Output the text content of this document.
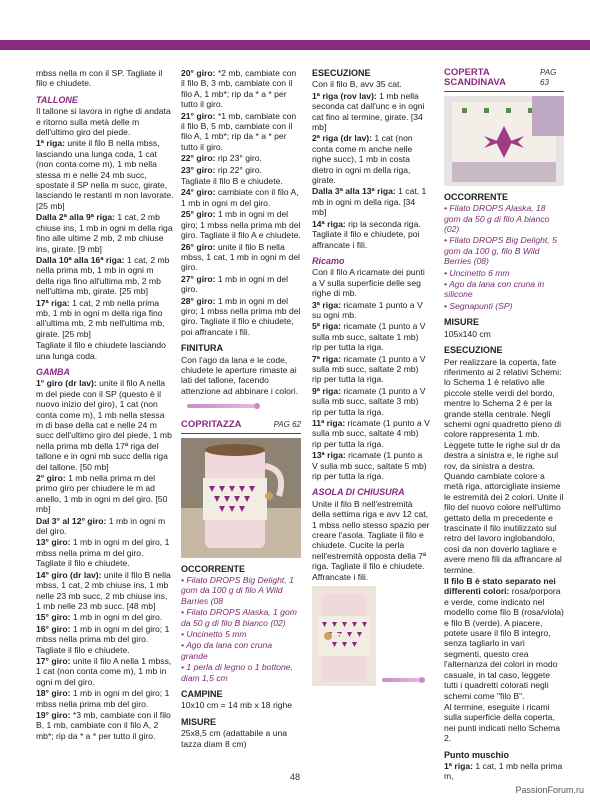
mbss nella m con il SP. Tagliate il filo e chiudete.

TALLONE

Il tallone si lavora in righe di andata e ritorno sulla metà delle m dell'ultimo giro del piede.

1ª riga: unite il filo B nella mbss, lasciando una lunga coda, 1 cat (non conta come m), 1 mb nella stessa m e nelle 24 mb succ, spostate il SP nella m succ, girate, lasciando le restanti m non lavorate. [25 mb]

Dalla 2ª alla 9ª riga: 1 cat, 2 mb chiuse ins, 1 mb in ogni m della riga fino alle ultime 2 mb, 2 mb chiuse ins, girate. [9 mb]

Dalla 10ª alla 16ª riga: 1 cat, 2 mb nella prima mb, 1 mb in ogni m della riga fino all'ultima mb, 2 mb nell'ultima mb, girate. [25 mb]

17ª riga: 1 cat, 2 mb nella prima mb, 1 mb in ogni m della riga fino all'ultima mb, 2 mb nell'ultima mb, girate. [25 mb]

Tagliate il filo e chiudete lasciando una lunga coda.

GAMBA

1° giro (dr lav): unite il filo A nella m del piede con il SP (questo è il nuovo inizio del giro), 1 cat (non conta come m), 1 mb nella stessa m di base della cat e nelle 24 m succ dell'ultimo giro del piede, 1 mb nella prima mb della 17ª riga del tallone e in ogni mb succ della riga del tallone. [50 mb]

2° giro: 1 mb nella prima m del primo giro per chiudere le m ad anello, 1 mb in ogni m del giro. [50 mb]

Dal 3° al 12° giro: 1 mb in ogni m del giro.

13° giro: 1 mb in ogni m del giro, 1 mbss nella prima m del giro. Tagliate il filo e chiudete.

14° giro (dr lav): unite il filo B nella mbss, 1 cat, 2 mb chiuse ins, 1 mb nelle 23 mb succ, 2 mb chiuse ins, 1 mb nelle 23 mb succ. [48 mb]

15° giro: 1 mb in ogni m del giro.

16° giro: 1 mb in ogni m del giro; 1 mbss nella prima mb del giro. Tagliate il filo e chiudete.

17° giro: unite il filo A nella 1 mbss, 1 cat (non conta come m), 1 mb in ogni m del giro.

18° giro: 1 mb in ogni m del giro; 1 mbss nella prima mb del giro.

19° giro: *3 mb, cambiate con il filo B, 1 mb, cambiate con il filo A, 2 mb*; rip da * a * per tutto il giro.

20° giro: *2 mb, cambiate con il filo B, 3 mb, cambiate con il filo A, 1 mb*; rip da * a * per tutto il giro.

21° giro: *1 mb, cambiate con il filo B, 5 mb, cambiate con il filo A, 1 mb*; rip da * a * per tutto il giro.

22° giro: rip 23° giro.

23° giro: rip 22° giro.

Tagliate il filo B e chiudete.

24° giro: cambiate con il filo A, 1 mb in ogni m del giro.

25° giro: 1 mb in ogni m del giro; 1 mbss nella prima mb del giro. Tagliate il filo A e chiudete.

26° giro: unite il filo B nella mbss, 1 cat, 1 mb in ogni m del giro.

27° giro: 1 mb in ogni m del giro.

28° giro: 1 mb in ogni m del giro; 1 mbss nella prima mb del giro. Tagliate il filo e chiudete, poi affrancate i fili.

FINITURA

Con l'ago da lana e le code, chiudete le aperture rimaste ai lati del tallone, facendo attenzione ad abbinare i colori.

COPRITAZZA	PAG 62
OCCORRENTE

• Filato DROPS Big Delight, 1 gom da 100 g di filo A Wild Barries (08

• Filato DROPS Alaska, 1 gom da 50 g di filo B bianco (02)

• Uncinetto 5 mm

• Ago da lana con cruna grande

• 1 perla di legno o 1 bottone, diam 1,5 cm

CAMPINE

10x10 cm = 14 mb x 18 righe

MISURE

25x8,5 cm (adattabile a una tazza diam 8 cm)

ESECUZIONE

Con il filo B, avv 35 cat.

1ª riga (rov lav): 1 mb nella seconda cat dall'unc e in ogni cat fino al termine, girate. [34 mb]

2ª riga (dr lav): 1 cat (non conta come m anche nelle righe succ), 1 mb in costa dietro in ogni m della riga, girate.

Dalla 3ª alla 13ª riga: 1 cat, 1 mb in ogni m della riga. [34 mb]

14ª riga: rip la seconda riga. Tagliate il filo e chiudete, poi affrancate i fili.

Ricamo

Con il filo A ricamate dei punti a V sulla superficie delle seg righe di mb.

3ª riga: ricamate 1 punto a V su ogni mb.

5ª riga: ricamate (1 punto a V sulla mb succ, saltate 1 mb) rip per tutta la riga.

7ª riga: ricamate (1 punto a V sulla mb succ, saltate 2 mb) rip per tutta la riga.

9ª riga: ricamate (1 punto a V sulla mb succ, saltate 3 mb) rip per tutta la riga.

11ª riga: ricamate (1 punto a V sulla mb succ, saltate 4 mb) rip per tutta la riga.

13ª riga: ricamate (1 punto a V sulla mb succ, saltate 5 mb) rip per tutta la riga.

ASOLA DI CHIUSURA

Unite il filo B nell'estremità della settima riga e avv 12 cat, 1 mbss nello stesso spazio per creare l'asola. Tagliate il filo e chiudete. Cucite la perla nell'estremità opposta della 7ª riga. Tagliate il filo e chiudete. Affrancate i fili.

COPERTA SCANDINAVA
PAG 63
OCCORRENTE

• Filato DROPS Alaska, 18 gom da 50 g di filo A bianco (02)

• Filato DROPS Big Delight, 5 gom da 100 g, filo B Wild Berries (08)

• Uncinetto 6 mm

• Ago da lana con cruna in silicone

• Segnapunti (SP)

MISURE

105x140 cm

ESECUZIONE

Per realizzare la coperta, fate riferimento ai 2 relativi Schemi: lo Schema 1 è relativo alle piccole stelle verdi del bordo, mentre lo Schema 2 è per la grande stella centrale. Negli schemi ogni quadretto pieno di colore rappresenta 1 mb. Leggete tutte le righe sul dr da destra a sinistra e, le righe sul rov, da sinistra a destra. Quando cambiate colore a metà riga, attorcigliate insieme le estremità dei 2 colori. Unite il filo del nuovo colore nell'ultimo gettato della m precedente e trascinate il filo inutilizzato sul retro del lavoro inglobandolo, così da non doverlo tagliare e avere meno fili da affrancare al termine.

Il filo B è stato separato nei differenti colori: rosa/porpora e verde, come indicato nel modello come filo B (rosa/viola) e filo B (verde). A piacere, potete usare il filo B integro, senza tagliarlo in vari segmenti, questo crea l'alternanza dei colori in modo casuale, in tal caso, leggete tutti i quadretti colorati negli schemi come "filo B".

Al termine, eseguite i ricami sulla superficie della coperta, nei punti indicati nello Schema 2.

Punto muschio

1ª riga: 1 cat, 1 mb nella prima m,

48
PassionForum.ru
